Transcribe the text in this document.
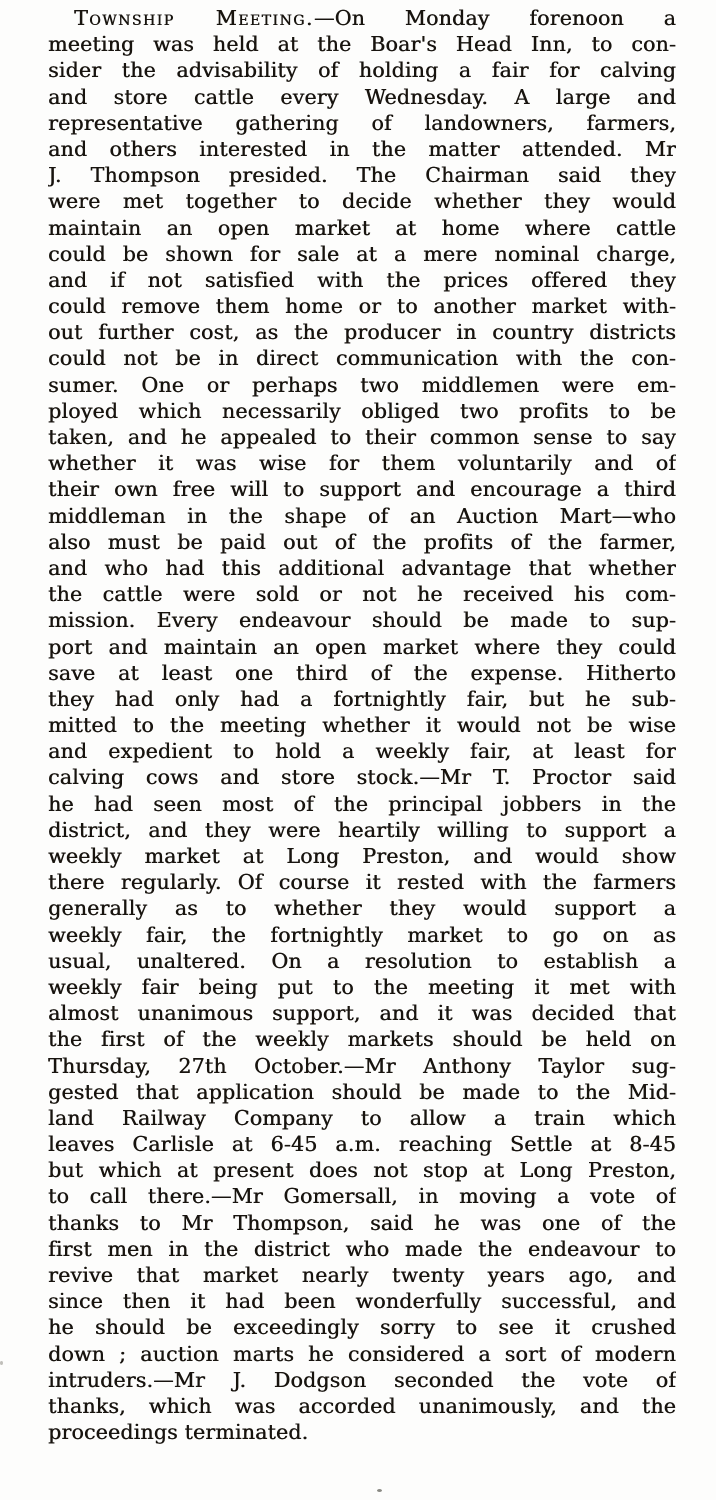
Township Meeting.—On Monday forenoon a
meeting was held at the Boar's Head Inn, to con-
sider the advisability of holding a fair for calving
and store cattle every Wednesday. A large and
representative gathering of landowners, farmers,
and others interested in the matter attended. Mr
J. Thompson presided. The Chairman said they
were met together to decide whether they would
maintain an open market at home where cattle
could be shown for sale at a mere nominal charge,
and if not satisfied with the prices offered they
could remove them home or to another market with-
out further cost, as the producer in country districts
could not be in direct communication with the con-
sumer. One or perhaps two middlemen were em-
ployed which necessarily obliged two profits to be
taken, and he appealed to their common sense to say
whether it was wise for them voluntarily and of
their own free will to support and encourage a third
middleman in the shape of an Auction Mart—who
also must be paid out of the profits of the farmer,
and who had this additional advantage that whether
the cattle were sold or not he received his com-
mission. Every endeavour should be made to sup-
port and maintain an open market where they could
save at least one third of the expense. Hitherto
they had only had a fortnightly fair, but he sub-
mitted to the meeting whether it would not be wise
and expedient to hold a weekly fair, at least for
calving cows and store stock.—Mr T. Proctor said
he had seen most of the principal jobbers in the
district, and they were heartily willing to support a
weekly market at Long Preston, and would show
there regularly. Of course it rested with the farmers
generally as to whether they would support a
weekly fair, the fortnightly market to go on as
usual, unaltered. On a resolution to establish a
weekly fair being put to the meeting it met with
almost unanimous support, and it was decided that
the first of the weekly markets should be held on
Thursday, 27th October.—Mr Anthony Taylor sug-
gested that application should be made to the Mid-
land Railway Company to allow a train which
leaves Carlisle at 6-45 a.m. reaching Settle at 8-45
but which at present does not stop at Long Preston,
to call there.—Mr Gomersall, in moving a vote of
thanks to Mr Thompson, said he was one of the
first men in the district who made the endeavour to
revive that market nearly twenty years ago, and
since then it had been wonderfully successful, and
he should be exceedingly sorry to see it crushed
down ; auction marts he considered a sort of modern
intruders.—Mr J. Dodgson seconded the vote of
thanks, which was accorded unanimously, and the
proceedings terminated.
